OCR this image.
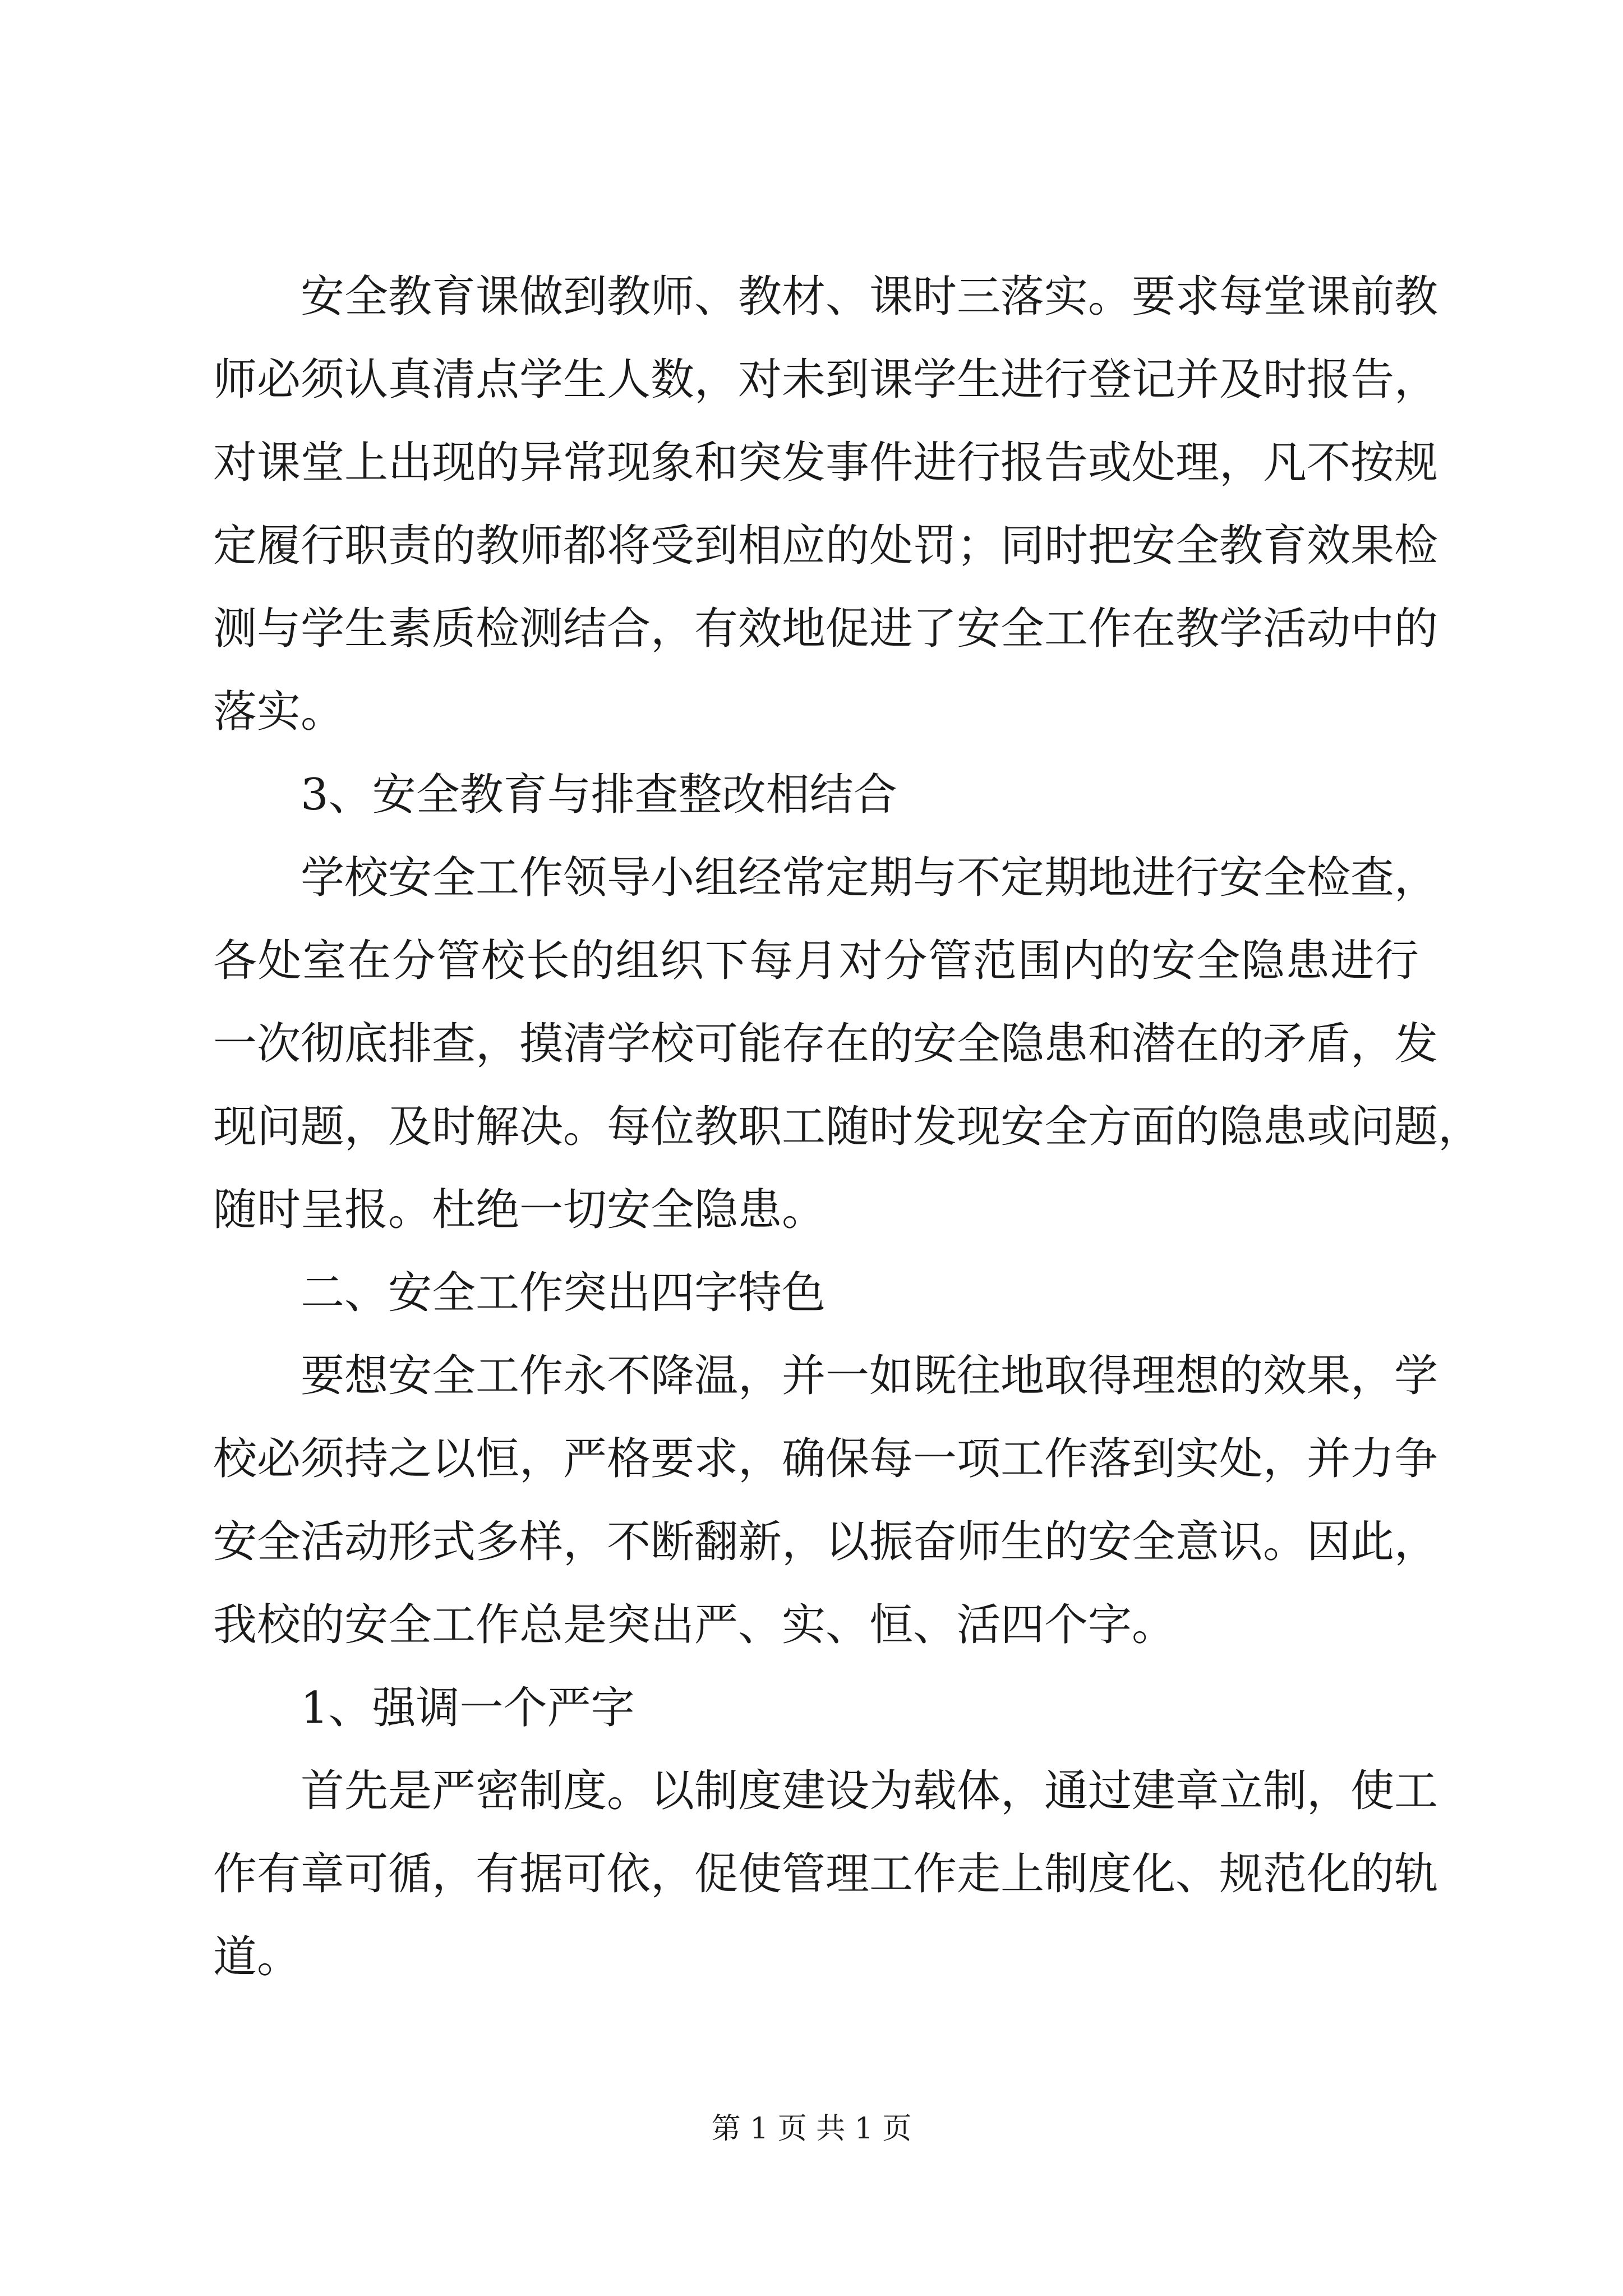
安全教育课做到教师、教材、课时三落实。要求每堂课前教
师必须认真清点学生人数，对未到课学生进行登记并及时报告，
对课堂上出现的异常现象和突发事件进行报告或处理，凡不按规
定履行职责的教师都将受到相应的处罚；同时把安全教育效果检
测与学生素质检测结合，有效地促进了安全工作在教学活动中的
落实。
3、安全教育与排查整改相结合
学校安全工作领导小组经常定期与不定期地进行安全检查，
各处室在分管校长的组织下每月对分管范围内的安全隐患进行
一次彻底排查，摸清学校可能存在的安全隐患和潜在的矛盾，发
现问题，及时解决。每位教职工随时发现安全方面的隐患或问题，
随时呈报。杜绝一切安全隐患。
二、安全工作突出四字特色
要想安全工作永不降温，并一如既往地取得理想的效果，学
校必须持之以恒，严格要求，确保每一项工作落到实处，并力争
安全活动形式多样，不断翻新，以振奋师生的安全意识。因此，
我校的安全工作总是突出严、实、恒、活四个字。
1、强调一个严字
首先是严密制度。以制度建设为载体，通过建章立制，使工
作有章可循，有据可依，促使管理工作走上制度化、规范化的轨
道。
第 1 页 共 1 页
